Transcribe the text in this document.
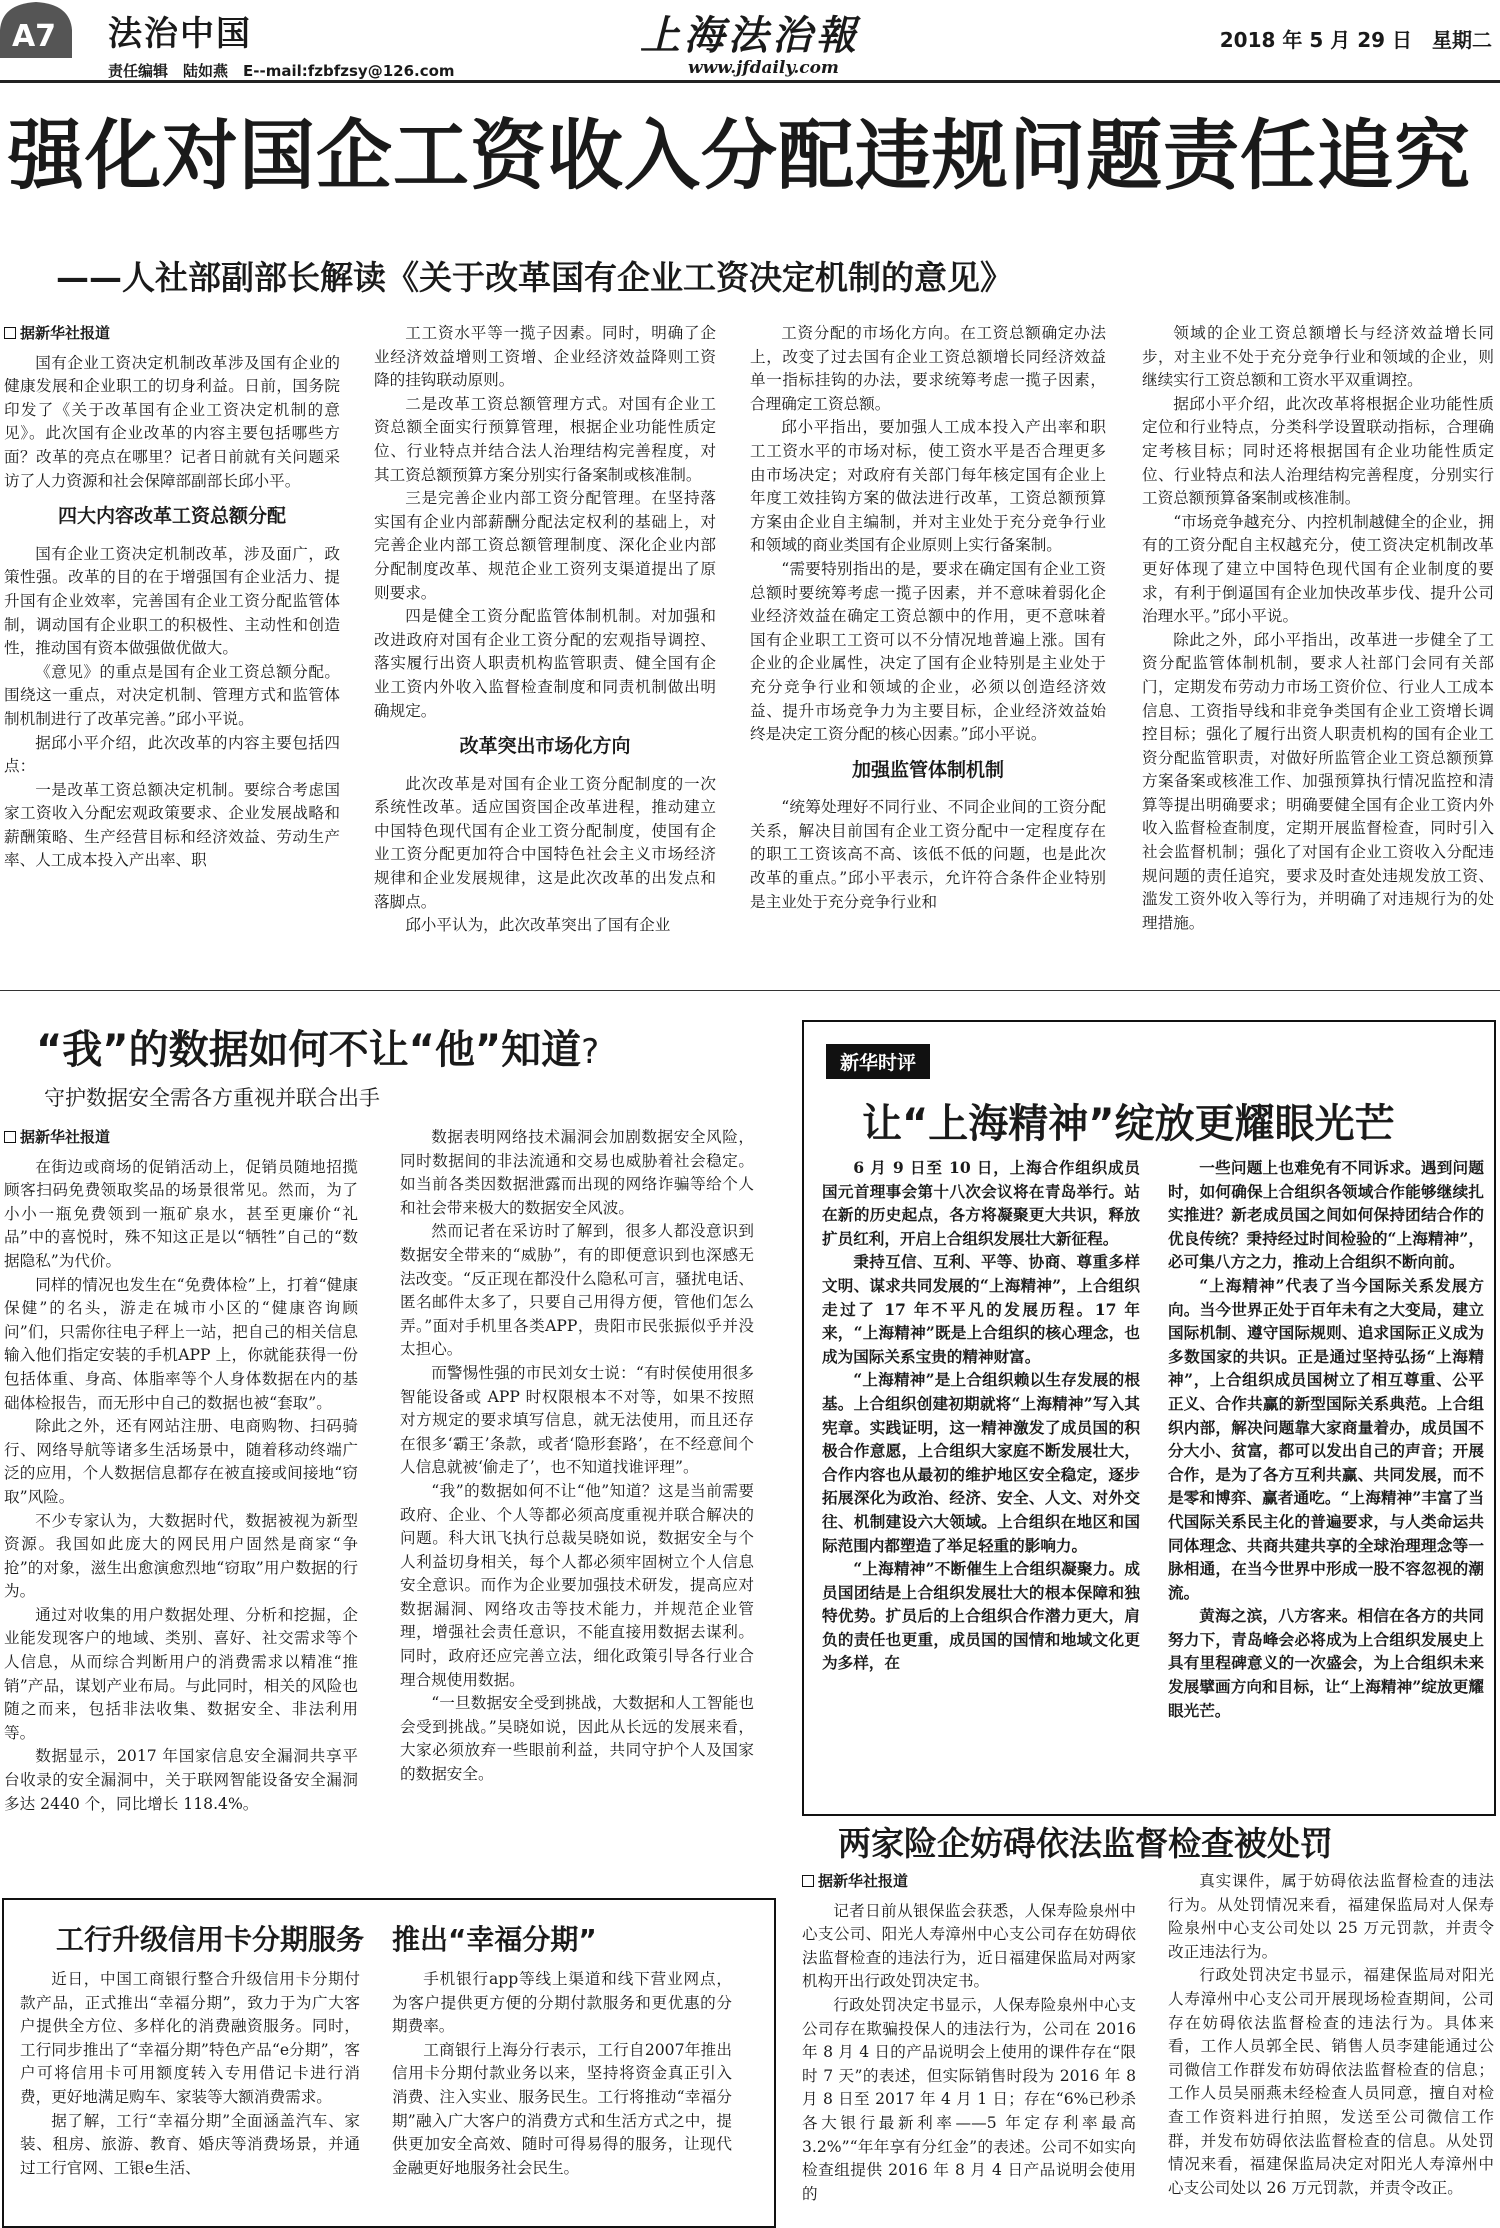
A7 法治中国
责任编辑　陆如燕　E--mail:fzbfzsy@126.com
上海法治報
www.jfdaily.com
2018 年 5 月 29 日　星期二
强化对国企工资收入分配违规问题责任追究
——人社部副部长解读《关于改革国有企业工资决定机制的意见》
据新华社报道

国有企业工资决定机制改革涉及国有企业的健康发展和企业职工的切身利益。日前，国务院印发了《关于改革国有企业工资决定机制的意见》。此次国有企业改革的内容主要包括哪些方面？改革的亮点在哪里？记者日前就有关问题采访了人力资源和社会保障部副部长邱小平。

四大内容改革工资总额分配

国有企业工资决定机制改革，涉及面广，政策性强。改革的目的在于增强国有企业活力、提升国有企业效率，完善国有企业工资分配监管体制，调动国有企业职工的积极性、主动性和创造性，推动国有资本做强做优做大。

《意见》的重点是国有企业工资总额分配。围绕这一重点，对决定机制、管理方式和监管体制机制进行了改革完善。”邱小平说。

据邱小平介绍，此次改革的内容主要包括四点：

一是改革工资总额决定机制。要综合考虑国家工资收入分配宏观政策要求、企业发展战略和薪酬策略、生产经营目标和经济效益、劳动生产率、人工成本投入产出率、职

工工资水平等一揽子因素。同时，明确了企业经济效益增则工资增、企业经济效益降则工资降的挂钩联动原则。

二是改革工资总额管理方式。对国有企业工资总额全面实行预算管理，根据企业功能性质定位、行业特点并结合法人治理结构完善程度，对其工资总额预算方案分别实行备案制或核准制。

三是完善企业内部工资分配管理。在坚持落实国有企业内部薪酬分配法定权利的基础上，对完善企业内部工资总额管理制度、深化企业内部分配制度改革、规范企业工资列支渠道提出了原则要求。

四是健全工资分配监管体制机制。对加强和改进政府对国有企业工资分配的宏观指导调控、落实履行出资人职责机构监管职责、健全国有企业工资内外收入监督检查制度和同责机制做出明确规定。

改革突出市场化方向

此次改革是对国有企业工资分配制度的一次系统性改革。适应国资国企改革进程，推动建立中国特色现代国有企业工资分配制度，使国有企业工资分配更加符合中国特色社会主义市场经济规律和企业发展规律，这是此次改革的出发点和落脚点。

邱小平认为，此次改革突出了国有企业

工资分配的市场化方向。在工资总额确定办法上，改变了过去国有企业工资总额增长同经济效益单一指标挂钩的办法，要求统筹考虑一揽子因素，合理确定工资总额。

邱小平指出，要加强人工成本投入产出率和职工工资水平的市场对标，使工资水平是否合理更多由市场决定；对政府有关部门每年核定国有企业上年度工效挂钩方案的做法进行改革，工资总额预算方案由企业自主编制，并对主业处于充分竞争行业和领域的商业类国有企业原则上实行备案制。

“需要特别指出的是，要求在确定国有企业工资总额时要统筹考虑一揽子因素，并不意味着弱化企业经济效益在确定工资总额中的作用，更不意味着国有企业职工工资可以不分情况地普遍上涨。国有企业的企业属性，决定了国有企业特别是主业处于充分竞争行业和领域的企业，必须以创造经济效益、提升市场竞争力为主要目标，企业经济效益始终是决定工资分配的核心因素。”邱小平说。

加强监管体制机制

“统筹处理好不同行业、不同企业间的工资分配关系，解决目前国有企业工资分配中一定程度存在的职工工资该高不高、该低不低的问题，也是此次改革的重点。”邱小平表示，允许符合条件企业特别是主业处于充分竞争行业和

领域的企业工资总额增长与经济效益增长同步，对主业不处于充分竞争行业和领域的企业，则继续实行工资总额和工资水平双重调控。

据邱小平介绍，此次改革将根据企业功能性质定位和行业特点，分类科学设置联动指标，合理确定考核目标；同时还将根据国有企业功能性质定位、行业特点和法人治理结构完善程度，分别实行工资总额预算备案制或核准制。

“市场竞争越充分、内控机制越健全的企业，拥有的工资分配自主权越充分，使工资决定机制改革更好体现了建立中国特色现代国有企业制度的要求，有利于倒逼国有企业加快改革步伐、提升公司治理水平。”邱小平说。

除此之外，邱小平指出，改革进一步健全了工资分配监管体制机制，要求人社部门会同有关部门，定期发布劳动力市场工资价位、行业人工成本信息、工资指导线和非竞争类国有企业工资增长调控目标；强化了履行出资人职责机构的国有企业工资分配监管职责，对做好所监管企业工资总额预算方案备案或核准工作、加强预算执行情况监控和清算等提出明确要求；明确要健全国有企业工资内外收入监督检查制度，定期开展监督检查，同时引入社会监督机制；强化了对国有企业工资收入分配违规问题的责任追究，要求及时查处违规发放工资、滥发工资外收入等行为，并明确了对违规行为的处理措施。

“我”的数据如何不让“他”知道?
守护数据安全需各方重视并联合出手
据新华社报道

在街边或商场的促销活动上，促销员随地招揽顾客扫码免费领取奖品的场景很常见。然而，为了小小一瓶免费领到一瓶矿泉水，甚至更廉价“礼品”中的喜悦时，殊不知这正是以“牺牲”自己的“数据隐私”为代价。

同样的情况也发生在“免费体检”上，打着“健康保健”的名头，游走在城市小区的“健康咨询顾问”们，只需你往电子秤上一站，把自己的相关信息输入他们指定安装的手机APP 上，你就能获得一份包括体重、身高、体脂率等个人身体数据在内的基础体检报告，而无形中自己的数据也被“套取”。

除此之外，还有网站注册、电商购物、扫码骑行、网络导航等诸多生活场景中，随着移动终端广泛的应用，个人数据信息都存在被直接或间接地“窃取”风险。

不少专家认为，大数据时代，数据被视为新型资源。我国如此庞大的网民用户固然是商家“争抢”的对象，滋生出愈演愈烈地“窃取”用户数据的行为。

通过对收集的用户数据处理、分析和挖掘，企业能发现客户的地域、类别、喜好、社交需求等个人信息，从而综合判断用户的消费需求以精准“推销”产品，谋划产业布局。与此同时，相关的风险也随之而来，包括非法收集、数据安全、非法利用等。

数据显示，2017 年国家信息安全漏洞共享平台收录的安全漏洞中，关于联网智能设备安全漏洞多达 2440 个，同比增长 118.4%。

数据表明网络技术漏洞会加剧数据安全风险，同时数据间的非法流通和交易也威胁着社会稳定。如当前各类因数据泄露而出现的网络诈骗等给个人和社会带来极大的数据安全风波。

然而记者在采访时了解到，很多人都没意识到数据安全带来的“威胁”，有的即便意识到也深感无法改变。“反正现在都没什么隐私可言，骚扰电话、匿名邮件太多了，只要自己用得方便，管他们怎么弄。”面对手机里各类APP，贵阳市民张振似乎并没太担心。

而警惕性强的市民刘女士说：“有时侯使用很多智能设备或 APP 时权限根本不对等，如果不按照对方规定的要求填写信息，就无法使用，而且还存在很多‘霸王’条款，或者‘隐形套路’，在不经意间个人信息就被‘偷走了’，也不知道找谁评理”。

“我”的数据如何不让“他”知道？这是当前需要政府、企业、个人等都必须高度重视并联合解决的问题。科大讯飞执行总裁吴晓如说，数据安全与个人利益切身相关，每个人都必须牢固树立个人信息安全意识。而作为企业要加强技术研发，提高应对数据漏洞、网络攻击等技术能力，并规范企业管理，增强社会责任意识，不能直接用数据去谋利。同时，政府还应完善立法，细化政策引导各行业合理合规使用数据。

“一旦数据安全受到挑战，大数据和人工智能也会受到挑战。”吴晓如说，因此从长远的发展来看，大家必须放弃一些眼前利益，共同守护个人及国家的数据安全。

新华时评
让“上海精神”绽放更耀眼光芒

6 月 9 日至 10 日，上海合作组织成员国元首理事会第十八次会议将在青岛举行。站在新的历史起点，各方将凝聚更大共识，释放扩员红利，开启上合组织发展壮大新征程。

秉持互信、互利、平等、协商、尊重多样文明、谋求共同发展的“上海精神”，上合组织走过了 17 年不平凡的发展历程。17 年来，“上海精神”既是上合组织的核心理念，也成为国际关系宝贵的精神财富。

“上海精神”是上合组织赖以生存发展的根基。上合组织创建初期就将“上海精神”写入其宪章。实践证明，这一精神激发了成员国的积极合作意愿，上合组织大家庭不断发展壮大，合作内容也从最初的维护地区安全稳定，逐步拓展深化为政治、经济、安全、人文、对外交往、机制建设六大领域。上合组织在地区和国际范围内都塑造了举足轻重的影响力。

“上海精神”不断催生上合组织凝聚力。成员国团结是上合组织发展壮大的根本保障和独特优势。扩员后的上合组织合作潜力更大，肩负的责任也更重，成员国的国情和地域文化更为多样，在

一些问题上也难免有不同诉求。遇到问题时，如何确保上合组织各领域合作能够继续扎实推进？新老成员国之间如何保持团结合作的优良传统？秉持经过时间检验的“上海精神”，必可集八方之力，推动上合组织不断向前。

“上海精神”代表了当今国际关系发展方向。当今世界正处于百年未有之大变局，建立国际机制、遵守国际规则、追求国际正义成为多数国家的共识。正是通过坚持弘扬“上海精神”，上合组织成员国树立了相互尊重、公平正义、合作共赢的新型国际关系典范。上合组织内部，解决问题靠大家商量着办，成员国不分大小、贫富，都可以发出自己的声音；开展合作，是为了各方互利共赢、共同发展，而不是零和博弈、赢者通吃。“上海精神”丰富了当代国际关系民主化的普遍要求，与人类命运共同体理念、共商共建共享的全球治理理念等一脉相通，在当今世界中形成一股不容忽视的潮流。

黄海之滨，八方客来。相信在各方的共同努力下，青岛峰会必将成为上合组织发展史上具有里程碑意义的一次盛会，为上合组织未来发展擘画方向和目标，让“上海精神”绽放更耀眼光芒。

两家险企妨碍依法监督检查被处罚
据新华社报道

记者日前从银保监会获悉，人保寿险泉州中心支公司、阳光人寿漳州中心支公司存在妨碍依法监督检查的违法行为，近日福建保监局对两家机构开出行政处罚决定书。

行政处罚决定书显示，人保寿险泉州中心支公司存在欺骗投保人的违法行为，公司在 2016 年 8 月 4 日的产品说明会上使用的课件存在“限时 7 天”的表述，但实际销售时段为 2016 年 8 月 8 日至 2017 年 4 月 1 日；存在“6%已秒杀各大银行最新利率——5 年定存利率最高 3.2%”“年年享有分红金”的表述。公司不如实向检查组提供 2016 年 8 月 4 日产品说明会使用的

真实课件，属于妨碍依法监督检查的违法行为。从处罚情况来看，福建保监局对人保寿险泉州中心支公司处以 25 万元罚款，并责令改正违法行为。

行政处罚决定书显示，福建保监局对阳光人寿漳州中心支公司开展现场检查期间，公司存在妨碍依法监督检查的违法行为。具体来看，工作人员郭全民、销售人员李建能通过公司微信工作群发布妨碍依法监督检查的信息；工作人员吴丽燕未经检查人员同意，擅自对检查工作资料进行拍照，发送至公司微信工作群，并发布妨碍依法监督检查的信息。从处罚情况来看，福建保监局决定对阳光人寿漳州中心支公司处以 26 万元罚款，并责令改正。

工行升级信用卡分期服务　推出“幸福分期”

近日，中国工商银行整合升级信用卡分期付款产品，正式推出“幸福分期”，致力于为广大客户提供全方位、多样化的消费融资服务。同时，工行同步推出了“幸福分期”特色产品“e分期”，客户可将信用卡可用额度转入专用借记卡进行消费，更好地满足购车、家装等大额消费需求。

据了解，工行“幸福分期”全面涵盖汽车、家装、租房、旅游、教育、婚庆等消费场景，并通过工行官网、工银e生活、

手机银行app等线上渠道和线下营业网点，为客户提供更方便的分期付款服务和更优惠的分期费率。

工商银行上海分行表示，工行自2007年推出信用卡分期付款业务以来，坚持将资金真正引入消费、注入实业、服务民生。工行将推动“幸福分期”融入广大客户的消费方式和生活方式之中，提供更加安全高效、随时可得易得的服务，让现代金融更好地服务社会民生。
